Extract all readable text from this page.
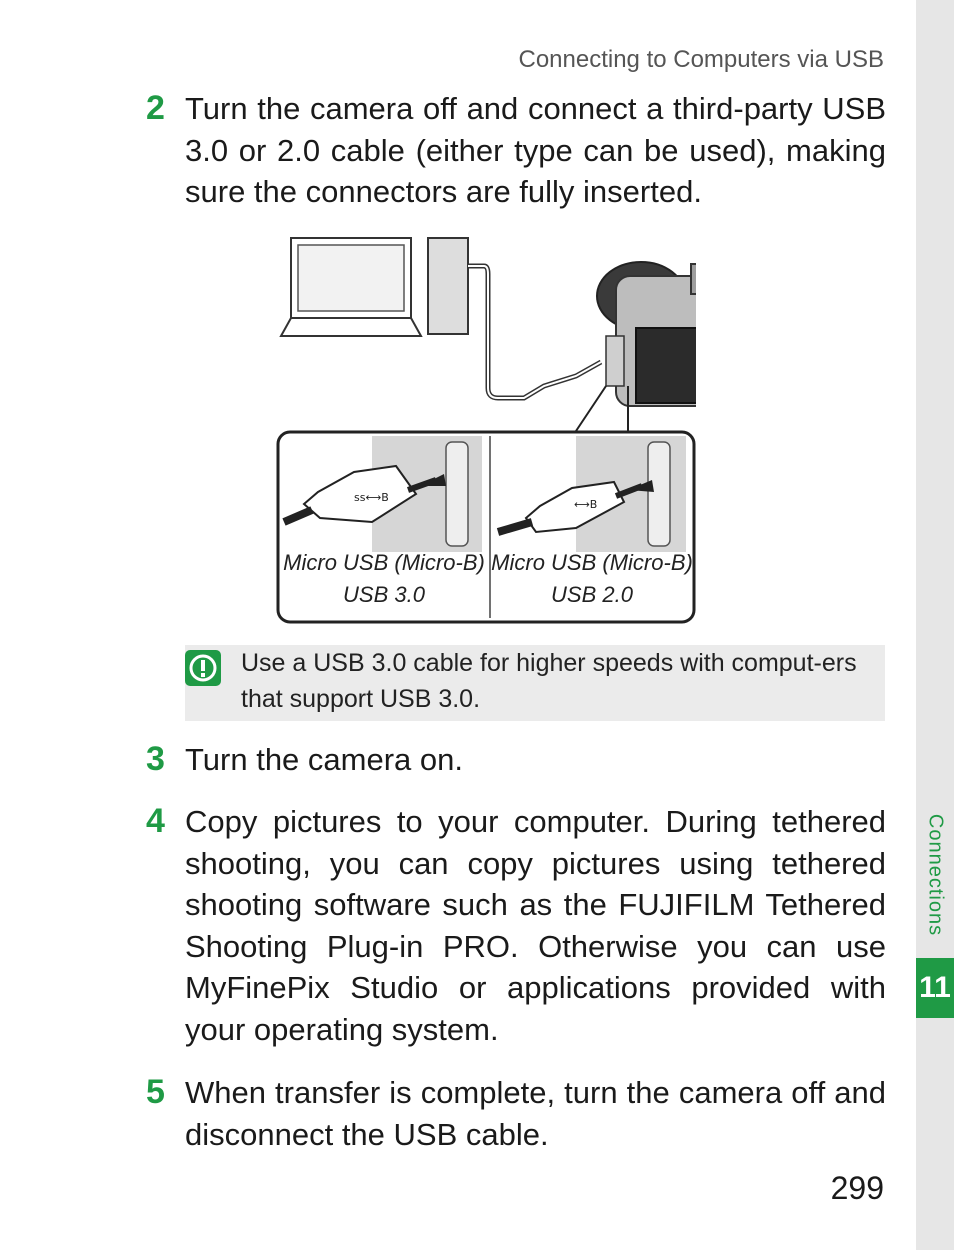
Connections
11
Connecting to Computers via USB
2 Turn the camera off and connect a third-party USB 3.0 or 2.0 cable (either type can be used), making sure the connectors are fully inserted.
ss⟷B
⟷B
Micro USB (Micro-B)
USB 3.0
Micro USB (Micro-B)
USB 2.0
Use a USB 3.0 cable for higher speeds with comput-ers that support USB 3.0.
3 Turn the camera on.
4 Copy pictures to your computer. During tethered shooting, you can copy pictures using tethered shooting software such as the FUJIFILM Tethered Shooting Plug-in PRO. Otherwise you can use MyFinePix Studio or applications provided with your operating system.
5 When transfer is complete, turn the camera off and disconnect the USB cable.
299
